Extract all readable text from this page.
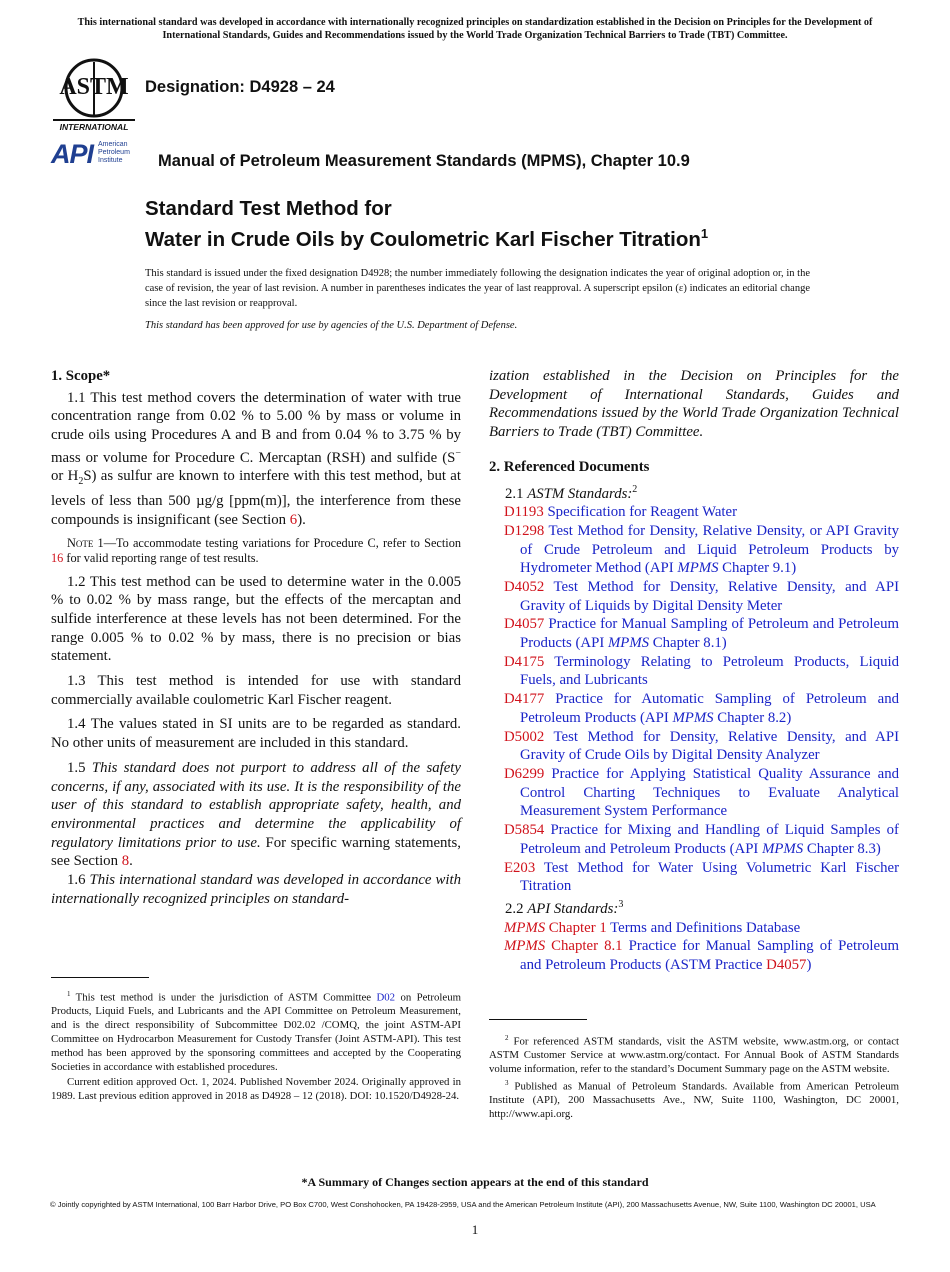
This international standard was developed in accordance with internationally recognized principles on standardization established in the Decision on Principles for the Development of International Standards, Guides and Recommendations issued by the World Trade Organization Technical Barriers to Trade (TBT) Committee.
ASTM
INTERNATIONAL
Designation: D4928 – 24
API American
Petroleum
Institute Manual of Petroleum Measurement Standards (MPMS), Chapter 10.9
Standard Test Method for
Water in Crude Oils by Coulometric Karl Fischer Titration$^1$
This standard is issued under the fixed designation D4928; the number immediately following the designation indicates the year of original adoption or, in the case of revision, the year of last revision. A number in parentheses indicates the year of last reapproval. A superscript epsilon (ε) indicates an editorial change since the last revision or reapproval.
This standard has been approved for use by agencies of the U.S. Department of Defense.

1. Scope*

1.1 This test method covers the determination of water with true concentration range from 0.02 % to 5.00 % by mass or volume in crude oils using Procedures A and B and from 0.04 % to 3.75 % by mass or volume for Procedure C. Mercaptan (RSH) and sulfide (S− or $H_2S$) as sulfur are known to interfere with this test method, but at levels of less than 500 µg/g [ppm(m)], the interference from these compounds is insignificant (see Section 6).

Note 1—To accommodate testing variations for Procedure C, refer to Section 16 for valid reporting range of test results.

1.2 This test method can be used to determine water in the 0.005 % to 0.02 % by mass range, but the effects of the mercaptan and sulfide interference at these levels has not been determined. For the range 0.005 % to 0.02 % by mass, there is no precision or bias statement.

1.3 This test method is intended for use with standard commercially available coulometric Karl Fischer reagent.

1.4 The values stated in SI units are to be regarded as standard. No other units of measurement are included in this standard.

1.5 This standard does not purport to address all of the safety concerns, if any, associated with its use. It is the responsibility of the user of this standard to establish appropriate safety, health, and environmental practices and determine the applicability of regulatory limitations prior to use. For specific warning statements, see Section 8.

1.6 This international standard was developed in accordance with internationally recognized principles on standard-

$^1$ This test method is under the jurisdiction of ASTM Committee D02 on Petroleum Products, Liquid Fuels, and Lubricants and the API Committee on Petroleum Measurement, and is the direct responsibility of Subcommittee D02.02 /COMQ, the joint ASTM-API Committee on Hydrocarbon Measurement for Custody Transfer (Joint ASTM-API). This test method has been approved by the sponsoring committees and accepted by the Cooperating Societies in accordance with established procedures.

Current edition approved Oct. 1, 2024. Published November 2024. Originally approved in 1989. Last previous edition approved in 2018 as D4928 – 12 (2018). DOI: 10.1520/D4928-24.

ization established in the Decision on Principles for the Development of International Standards, Guides and Recommendations issued by the World Trade Organization Technical Barriers to Trade (TBT) Committee.

2. Referenced Documents

2.1 ASTM Standards:$^2$

D1193 Specification for Reagent Water

D1298 Test Method for Density, Relative Density, or API Gravity of Crude Petroleum and Liquid Petroleum Products by Hydrometer Method (API MPMS Chapter 9.1)

D4052 Test Method for Density, Relative Density, and API Gravity of Liquids by Digital Density Meter

D4057 Practice for Manual Sampling of Petroleum and Petroleum Products (API MPMS Chapter 8.1)

D4175 Terminology Relating to Petroleum Products, Liquid Fuels, and Lubricants

D4177 Practice for Automatic Sampling of Petroleum and Petroleum Products (API MPMS Chapter 8.2)

D5002 Test Method for Density, Relative Density, and API Gravity of Crude Oils by Digital Density Analyzer

D6299 Practice for Applying Statistical Quality Assurance and Control Charting Techniques to Evaluate Analytical Measurement System Performance

D5854 Practice for Mixing and Handling of Liquid Samples of Petroleum and Petroleum Products (API MPMS Chapter 8.3)

E203 Test Method for Water Using Volumetric Karl Fischer Titration

2.2 API Standards:$^3$

MPMS Chapter 1 Terms and Definitions Database

MPMS Chapter 8.1 Practice for Manual Sampling of Petroleum and Petroleum Products (ASTM Practice D4057)

$^2$ For referenced ASTM standards, visit the ASTM website, www.astm.org, or contact ASTM Customer Service at www.astm.org/contact. For Annual Book of ASTM Standards volume information, refer to the standard’s Document Summary page on the ASTM website.

$^3$ Published as Manual of Petroleum Standards. Available from American Petroleum Institute (API), 200 Massachusetts Ave., NW, Suite 1100, Washington, DC 20001, http://www.api.org.

*A Summary of Changes section appears at the end of this standard
© Jointly copyrighted by ASTM International, 100 Barr Harbor Drive, PO Box C700, West Conshohocken, PA 19428-2959, USA and the American Petroleum Institute (API), 200 Massachusetts Avenue, NW, Suite 1100, Washington DC 20001, USA
1
